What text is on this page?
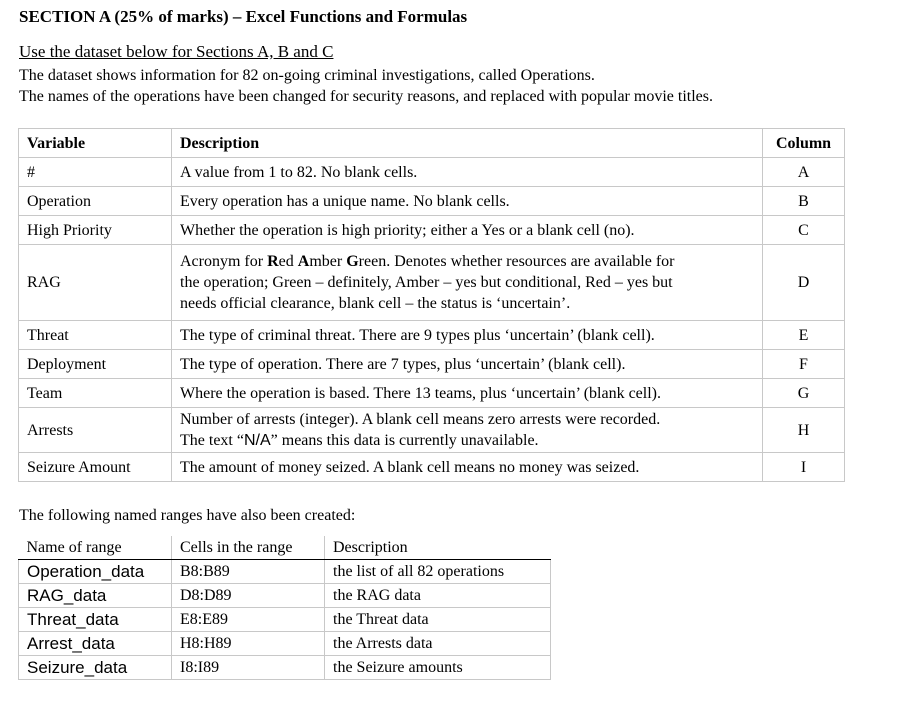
SECTION A (25% of marks) – Excel Functions and Formulas
Use the dataset below for Sections A, B and C
The dataset shows information for 82 on-going criminal investigations, called Operations.
The names of the operations have been changed for security reasons, and replaced with popular movie titles.
Variable	Description	Column
#	A value from 1 to 82. No blank cells.	A
Operation	Every operation has a unique name. No blank cells.	B
High Priority	Whether the operation is high priority; either a Yes or a blank cell (no).	C
RAG	Acronym for Red Amber Green. Denotes whether resources are available for
the operation; Green – definitely, Amber – yes but conditional, Red – yes but
needs official clearance, blank cell – the status is ‘uncertain’.	D
Threat	The type of criminal threat. There are 9 types plus ‘uncertain’ (blank cell).	E
Deployment	The type of operation. There are 7 types, plus ‘uncertain’ (blank cell).	F
Team	Where the operation is based. There 13 teams, plus ‘uncertain’ (blank cell).	G
Arrests	Number of arrests (integer). A blank cell means zero arrests were recorded.
The text “N/A” means this data is currently unavailable.	H
Seizure Amount	The amount of money seized. A blank cell means no money was seized.	I
The following named ranges have also been created:
Name of range	Cells in the range	Description
Operation_data	B8:B89	the list of all 82 operations
RAG_data	D8:D89	the RAG data
Threat_data	E8:E89	the Threat data
Arrest_data	H8:H89	the Arrests data
Seizure_data	I8:I89	the Seizure amounts
